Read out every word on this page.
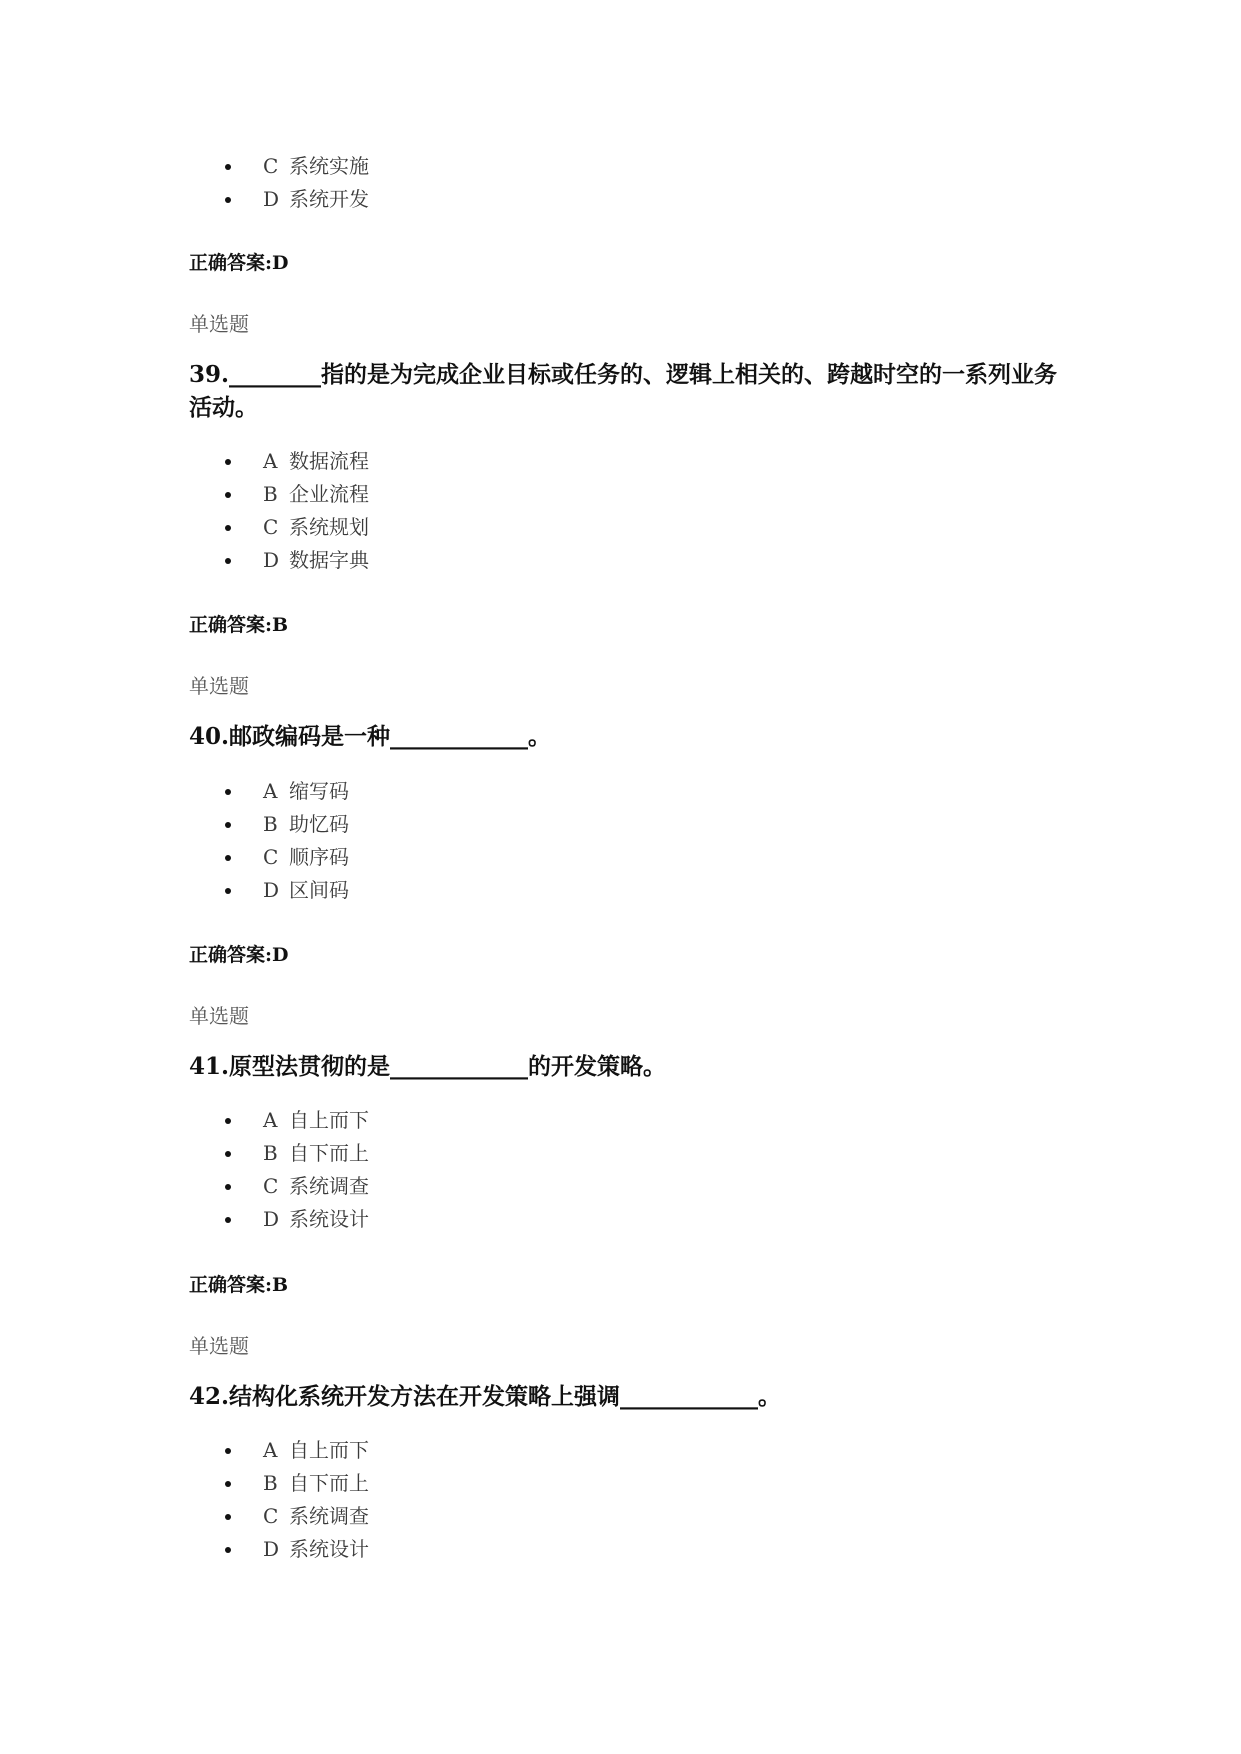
C 系统实施
D 系统开发
正确答案:D
单选题
39.________指的是为完成企业目标或任务的、逻辑上相关的、跨越时空的一系列业务活动。
A 数据流程
B 企业流程
C 系统规划
D 数据字典
正确答案:B
单选题
40.邮政编码是一种____________。
A 缩写码
B 助忆码
C 顺序码
D 区间码
正确答案:D
单选题
41.原型法贯彻的是____________的开发策略。
A 自上而下
B 自下而上
C 系统调查
D 系统设计
正确答案:B
单选题
42.结构化系统开发方法在开发策略上强调____________。
A 自上而下
B 自下而上
C 系统调查
D 系统设计
